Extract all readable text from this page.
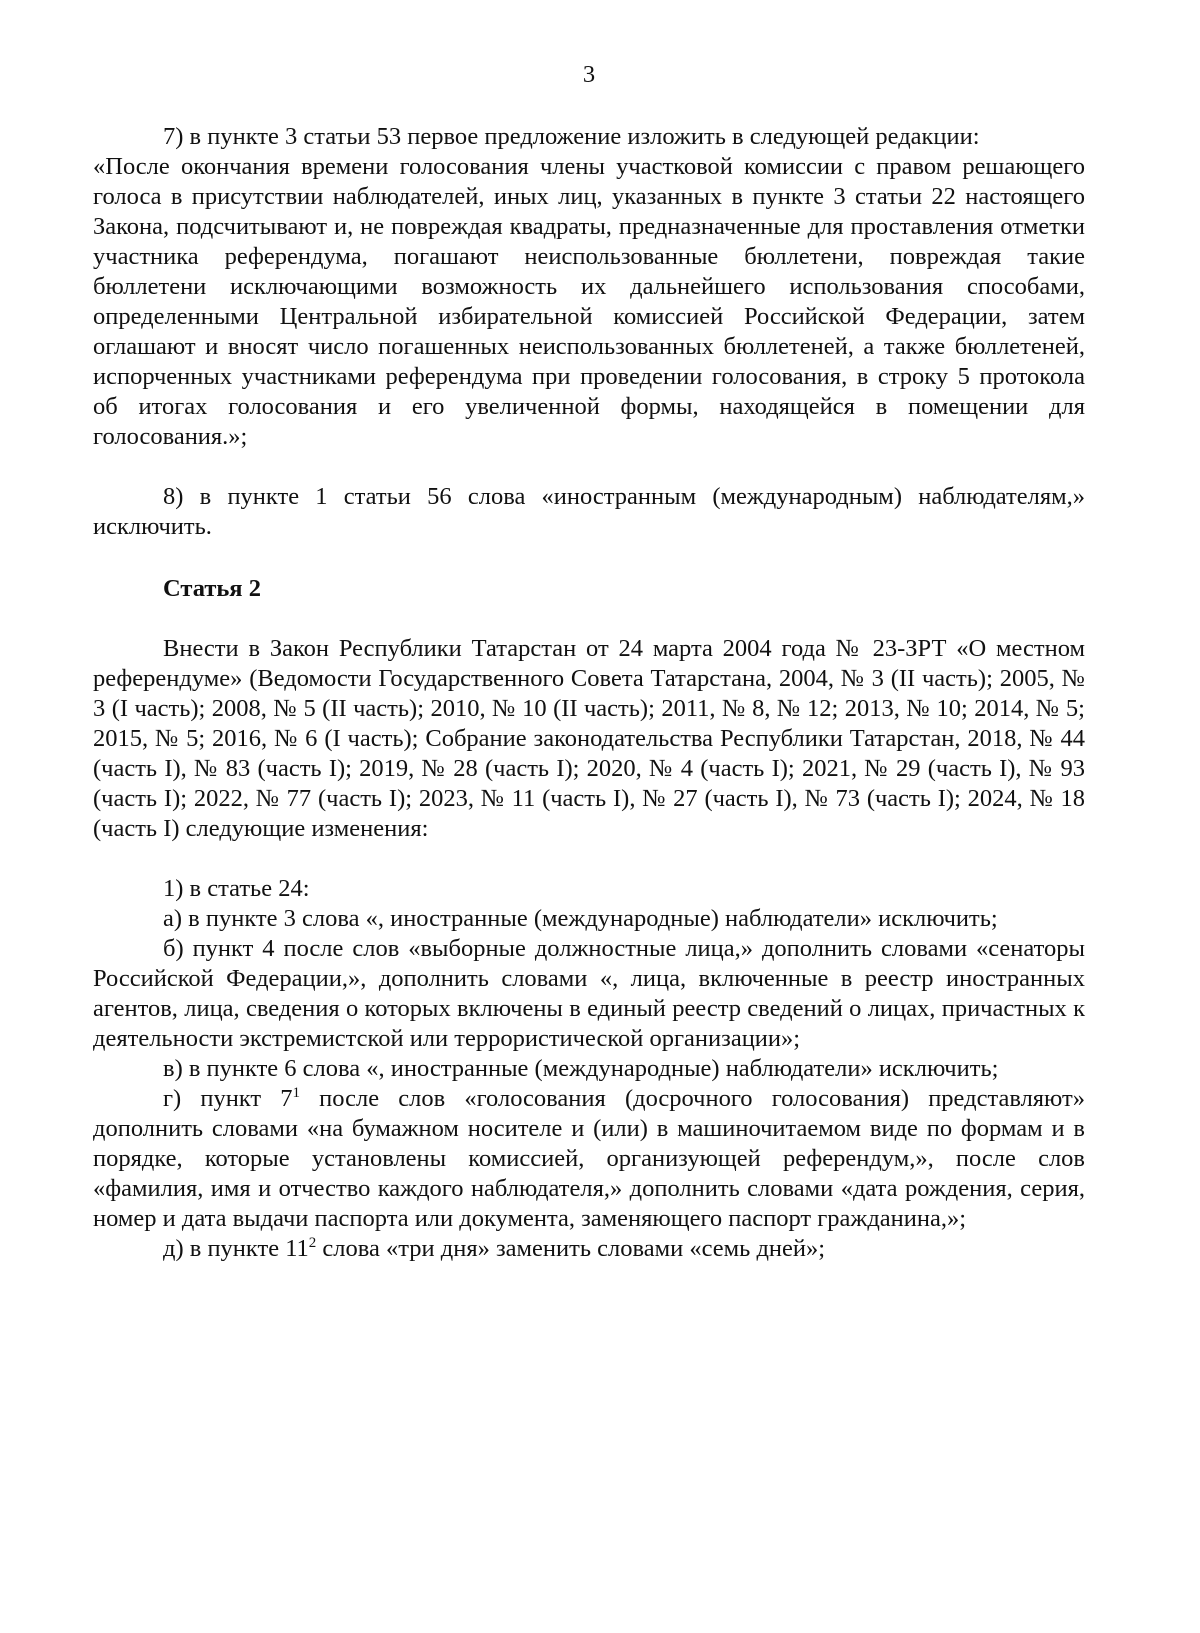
3

7) в пункте 3 статьи 53 первое предложение изложить в следующей редакции:

«После окончания времени голосования члены участковой комиссии с правом решающего голоса в присутствии наблюдателей, иных лиц, указанных в пункте 3 статьи 22 настоящего Закона, подсчитывают и, не повреждая квадраты, предназначенные для проставления отметки участника референдума, погашают неиспользованные бюллетени, повреждая такие бюллетени исключающими возможность их дальнейшего использования способами, определенными Центральной избирательной комиссией Российской Федерации, затем оглашают и вносят число погашенных неиспользованных бюллетеней, а также бюллетеней, испорченных участниками референдума при проведении голосования, в строку 5 протокола об итогах голосования и его увеличенной формы, находящейся в помещении для голосования.»;

8) в пункте 1 статьи 56 слова «иностранным (международным) наблюдателям,» исключить.

Статья 2

Внести в Закон Республики Татарстан от 24 марта 2004 года № 23-ЗРТ «О местном референдуме» (Ведомости Государственного Совета Татарстана, 2004, № 3 (II часть); 2005, № 3 (I часть); 2008, № 5 (II часть); 2010, № 10 (II часть); 2011, № 8, № 12; 2013, № 10; 2014, № 5; 2015, № 5; 2016, № 6 (I часть); Собрание законодательства Республики Татарстан, 2018, № 44 (часть I), № 83 (часть I); 2019, № 28 (часть I); 2020, № 4 (часть I); 2021, № 29 (часть I), № 93 (часть I); 2022, № 77 (часть I); 2023, № 11 (часть I), № 27 (часть I), № 73 (часть I); 2024, № 18 (часть I) следующие изменения:

1) в статье 24:

а) в пункте 3 слова «, иностранные (международные) наблюдатели» исключить;

б) пункт 4 после слов «выборные должностные лица,» дополнить словами «сенаторы Российской Федерации,», дополнить словами «, лица, включенные в реестр иностранных агентов, лица, сведения о которых включены в единый реестр сведений о лицах, причастных к деятельности экстремистской или террористической организации»;

в) в пункте 6 слова «, иностранные (международные) наблюдатели» исключить;

г) пункт $7^1$ после слов «голосования (досрочного голосования) представляют» дополнить словами «на бумажном носителе и (или) в машиночитаемом виде по формам и в порядке, которые установлены комиссией, организующей референдум,», после слов «фамилия, имя и отчество каждого наблюдателя,» дополнить словами «дата рождения, серия, номер и дата выдачи паспорта или документа, заменяющего паспорт гражданина,»;

д) в пункте $11^2$ слова «три дня» заменить словами «семь дней»;
